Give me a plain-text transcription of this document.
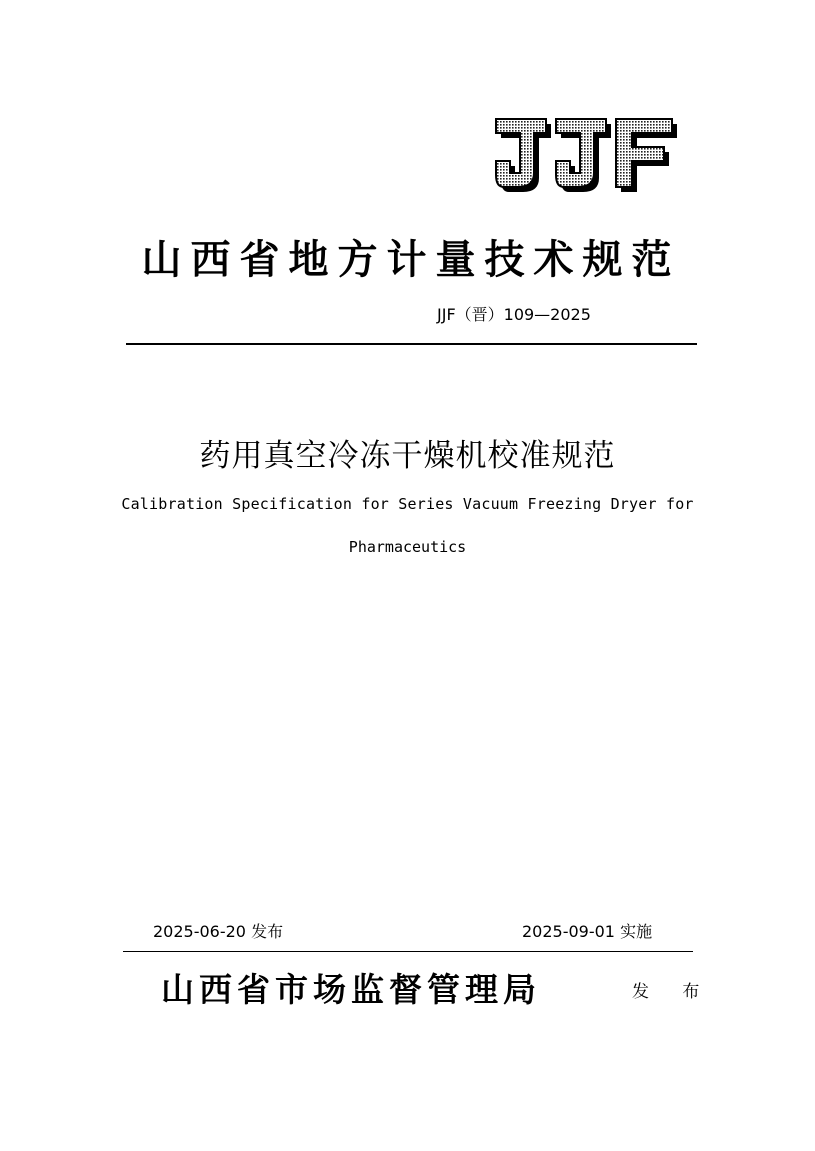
山西省地方计量技术规范
JJF（晋）109—2025
药用真空冷冻干燥机校准规范
Calibration Specification for Series Vacuum Freezing Dryer for
Pharmaceutics
2025-06-20 发布	2025-09-01 实施
山西省市场监督管理局	发 布
